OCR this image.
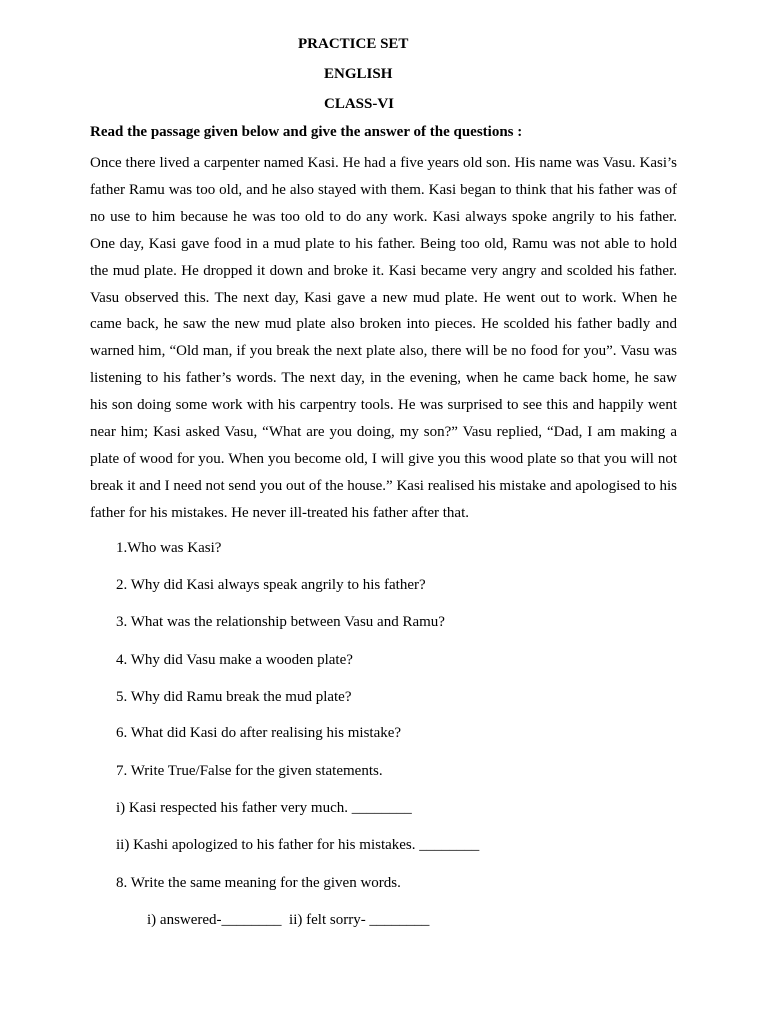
PRACTICE SET
ENGLISH
CLASS-VI
Read the passage given below and give the answer of the questions :

Once there lived a carpenter named Kasi. He had a five years old son. His name was Vasu. Kasi’s father Ramu was too old, and he also stayed with them. Kasi began to think that his father was of no use to him because he was too old to do any work. Kasi always spoke angrily to his father. One day, Kasi gave food in a mud plate to his father. Being too old, Ramu was not able to hold the mud plate. He dropped it down and broke it. Kasi became very angry and scolded his father. Vasu observed this. The next day, Kasi gave a new mud plate. He went out to work. When he came back, he saw the new mud plate also broken into pieces. He scolded his father badly and warned him, “Old man, if you break the next plate also, there will be no food for you”. Vasu was listening to his father’s words. The next day, in the evening, when he came back home, he saw his son doing some work with his carpentry tools. He was surprised to see this and happily went near him; Kasi asked Vasu, “What are you doing, my son?” Vasu replied, “Dad, I am making a plate of wood for you. When you become old, I will give you this wood plate so that you will not break it and I need not send you out of the house.” Kasi realised his mistake and apologised to his father for his mistakes. He never ill-treated his father after that.

1.Who was Kasi?
2. Why did Kasi always speak angrily to his father?
3. What was the relationship between Vasu and Ramu?
4. Why did Vasu make a wooden plate?
5. Why did Ramu break the mud plate?
6. What did Kasi do after realising his mistake?
7. Write True/False for the given statements.
i) Kasi respected his father very much. ________
ii) Kashi apologized to his father for his mistakes. ________
8. Write the same meaning for the given words.
i) answered-________  ii) felt sorry- ________
